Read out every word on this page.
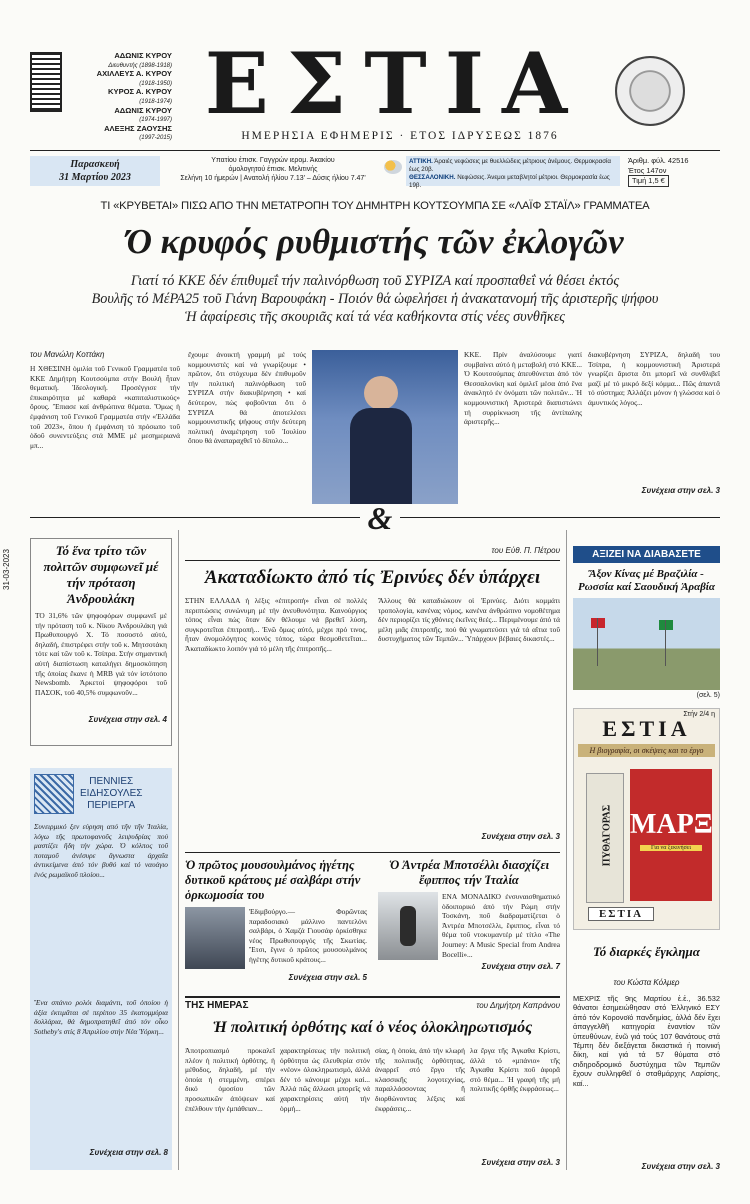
31-03-2023
ΑΔΩΝΙΣ ΚΥΡΟΥ
Διευθυντής (1898-1918)
ΑΧΙΛΛΕΥΣ Α. ΚΥΡΟΥ
(1918-1950)
ΚΥΡΟΣ Α. ΚΥΡΟΥ
(1918-1974)
ΑΔΩΝΙΣ ΚΥΡΟΥ
(1974-1997)
ΑΛΕΞΗΣ ΖΑΟΥΣΗΣ
(1997-2015)
ΕΣΤΙΑ
ΗΜΕΡΗΣΙΑ ΕΦΗΜΕΡΙΣ · ΕΤΟΣ ΙΔΡΥΣΕΩΣ 1876
Παρασκευή
31 Μαρτίου 2023
Υπατίου έπισκ. Γαγγρών ιερομ. Άκακίου
όμολογητού έπισκ. Μελιτινής
Σελήνη 10 ήμερών | Ανατολή ήλίου 7.13' – Δύσις ήλίου 7.47'
ΑΤΤΙΚΗ. Άραιές νεφώσεις με θυελλώδεις μέτριους άνέμους. Θερμοκρασία έως 20β.
ΘΕΣΣΑΛΟΝΙΚΗ. Νεφώσεις. Άνεμοι μεταβλητοί μέτριοι. Θερμοκρασία έως 19β.
Άριθμ. φύλ. 42516
Έτος 147ον
Τιμή 1,5 €
ΤΙ «ΚΡΥΒΕΤΑΙ» ΠΙΣΩ ΑΠΟ ΤΗΝ ΜΕΤΑΤΡΟΠΗ ΤΟΥ ΔΗΜΗΤΡΗ ΚΟΥΤΣΟΥΜΠΑ ΣΕ «ΛΑΪΦ ΣΤΑΪΛ» ΓΡΑΜΜΑΤΕΑ
Ό κρυφός ρυθμιστής τῶν ἐκλογῶν
Γιατί τό ΚΚΕ δέν έπιθυμεΐ τήν παλινόρθωση τοῦ ΣΥΡΙΖΑ καί προσπαθεΐ νά θέσει ἐκτός
Βουλῆς τό ΜέΡΑ25 τοῦ Γιάνη Βαρουφάκη - Ποιόν θά ὠφελήσει ἡ ἀνακατανομή τῆς ἀριστερῆς ψήφου
Ἡ ἀφαίρεσις τῆς σκουριᾶς καί τά νέα καθήκοντα στίς νέες συνθῆκες
του Μανώλη Κοττάκη
Η ΧΘΕΣΙΝΗ ὁμιλία τοῦ Γενικοῦ Γραμματέα τοῦ ΚΚΕ Δημήτρη Κουτσούμπα στήν Βουλή ἦταν θεματική. Ἰδεολογική. Προσέγγισε τήν ἐπικαιρότητα μέ καθαρά «καπιταλιστικούς» ὅρους. Ἔπιασε καί ἀνθρώπινα θέματα. Ὅμως ἡ ἐμφάνιση τοῦ Γενικοῦ Γραμματέα στήν «Ἑλλάδα τοῦ 2023», ὅπου ἡ ἐμφάνιση τό πρόσωπο τοῦ ὁδοῦ συνεντεύξεις στά ΜΜΕ μέ μεσημεριανά μπ...
ἔχουμε ἀνοικτή γραμμή μέ τούς κομμουνιστές καί νά γνωρίζουμε • πρῶτον, ὅτι στόχευμα δέν ἐπιθυμοῦν τήν πολιτική παλινόρθωση τοῦ ΣΥΡΙΖΑ στήν διακυβέρνηση • καί δεύτερον, πώς φοβοῦνται ὅτι ὁ ΣΥΡΙΖΑ θά ἀποτελέσει κομμουνιστικῆς ψήφους στήν δεύτερη πολιτική ἀναμέτρηση τοῦ Ἰουλίου ὅπου θά ἀναπαραχθεῖ τό δίπολο...
ΚΚΕ. Πρίν ἀναλύσουμε γιατί συμβαίνει αὐτό ἡ μεταβολή στό ΚΚΕ... Ὁ Κουτσούμπας ἀπευθύνεται ἀπό τόν Θεσσαλονίκη καί ὁμιλεῖ μέσα ἀπό ἕνα ἀνακλητό ἐν ὀνόματι τῶν πολιτῶν... Ἡ κομμουνιστική Ἀριστερά διαπιστώνει τή συρρίκνωση τῆς ἀντίπαλης ἀριστερῆς...
διακυβέρνηση ΣΥΡΙΖΑ, δηλαδή του Τσίπρα, ἡ κομμουνιστική Ἀριστερά γνωρίζει ἄριστα ὅτι μπορεῖ νά συνθλιβεῖ μαζί μέ τό μικρό δεξί κόμμα... Πῶς ἀπαντᾶ τό σύστημα; Ἀλλάζει μόνον ἡ γλώσσα καί ὁ ἀμυντικός λόγος...
Συνέχεια στην σελ. 3
&
Τό ἕνα τρίτο τῶν πολιτῶν συμφωνεῖ μέ τήν πρόταση Ἀνδρουλάκη
ΤΟ 31,6% τῶν ψηφοφόρων συμφωνεῖ μέ τήν πρόταση τοῦ κ. Νίκου Ἀνδρουλάκη γιά Πρωθυπουργό Χ. Τό ποσοστό αὐτό, δηλαδή, ἐπιστρέφει στήν τοῦ κ. Μητσοτάκη τότε καί τῶν τοῦ κ. Τσίπρα. Στήν σημαντική αὐτή διαπίστωση καταλήγει δημοσκόπηση τῆς ὁποίας ἔκανε ἡ MRB γιά τόν ἱστότοπο Newsbomb. Ἀρκετοί ψηφοφόροι τοῦ ΠΑΣΟΚ, τοῦ 40,5% συμφωνοῦν...
Συνέχεια στην σελ. 4
ΠΕΝΝΙΕΣ
ΕΙΔΗΣΟΥΛΕΣ
ΠΕΡΙΕΡΓΑ
Συνειρμικό ξεν εύρηση από τῆν τῆν Ἰταλία, λόγω τῆς πρωτοφανοῦς λειψυδρίας πού μαστίζει ἤδη τήν χώρα. Ὁ κόλπος τοῦ ποταμοῦ ἀνέσυρε ἄγνωστα ἀρχαῖα ἀντικείμενα ἀπό τόν βυθό καί τό ναυάγιο ἑνός ρωμαϊκοῦ πλοίου...
Ἕνα σπάνιο ρολόι διαμάντι, τοῦ ὁποίου ἡ ἀξία ἐκτιμᾶται σέ περίπου 35 ἑκατομμύρια δολλάρια, θά δημοπρατηθεῖ ἀπό τόν οἶκο Sotheby's στίς 8 Ἀπριλίου στήν Νέα Ὑόρκη...
Συνέχεια στην σελ. 8
του Εὐθ. Π. Πέτρου
Ἀκαταδίωκτο ἀπό τίς Ἐρινύες δέν ὑπάρχει
ΣΤΗΝ ΕΛΛΑΔΑ ἡ λέξις «ἐπιτροπή» εἶναι σέ πολλές περιπτώσεις συνώνυμη μέ τήν ἀνευθυνότητα. Καινούργιος τόπος εἶναι πώς ὅταν δέν θέλουμε νά βρεθεῖ λύση, συγκροτεῖται ἐπιτροπή... Ἐνῶ ὅμως αὐτό, μέχρι πρό τινος, ἦταν ἀνομολόγητος κοινός τόπος, τώρα θεσμοθετεῖται... Ἀκαταδίωκτο λοιπόν γιά τό μέλη τῆς ἐπιτροπῆς...
Ἄλλους θά καταδιώκουν οἱ Ἐρινύες. Διότι κομμάτι τροπολογία, κανένας νόμος, κανένα ἀνθρώπινο νομοθέτημα δέν περιορίζει τίς χθόνιες ἐκεῖνες θεές... Περιμένουμε ἀπό τά μέλη μιᾶς ἐπιτροπῆς, πού θά γνωματεύσει γιά τά αἴτια τοῦ δυστυχήματος τῶν Τεμπῶν... Ὑπάρχουν βέβαιες δικαστές...
Συνέχεια στην σελ. 3
Ὁ πρῶτος μουσουλμάνος ἡγέτης δυτικοῦ κράτους μέ σαλβάρι στήν ὁρκωμοσία του
Ἐδιμβούργο.— Φορῶντας παραδοσιακό μάλλινο παντελόνι σαλβάρι, ὁ Χαμζά Γιουσάφ ὁρκίσθηκε νέος Πρωθυπουργός τῆς Σκωτίας. Ἔτσι, ἔγινε ὁ πρῶτος μουσουλμάνος ἡγέτης δυτικοῦ κράτους...
Συνέχεια στην σελ. 5
Ὁ Ἀντρέα Μποτσέλλι διασχίζει ἔφιππος τήν Ἰταλία
ΕΝΑ ΜΟΝΑΔΙΚΟ ἐνσυναισθηματικό ὁδοιπορικό ἀπό τήν Ρώμη στήν Τοσκάνη, ποῦ διαδραματίζεται ὁ Ἀντρέα Μποτσέλλι, ἔφιππος, εἶναι τό θέμα τοῦ ντοκυμαντέρ μέ τίτλο «The Journey: A Music Special from Andrea Bocelli»...
Συνέχεια στην σελ. 7
ΤΗΣ ΗΜΕΡΑΣ	του Δημήτρη Καπράνου
Ἡ πολιτική ὀρθότης καί ὁ νέος ὁλοκληρωτισμός
Ἀποτροπιασμό προκαλεῖ πλέον ἡ πολιτική ὀρθότης, ἡ μέθοδος, δηλαδή, μέ τήν ὁποία ἡ στεμμένη, σπέρει δικό ὁμοσίου τῶν προσωπικῶν ἀπόψεων καί ἐπέλθουν τήν ἐμπάθειαν...
χαρακτηρίσεως τήν πολιτική ὀρθότητα ὡς ἐλευθερία στόν «νέον» ὁλοκληρωτισμό, ἀλλά δέν τό κάνουμε μέχρι καί... Ἀλλά πῶς ἄλλωσι μπορεῖς νά χαρακτηρίσεις αὐτή τήν ὁρμή...
σίας, ἡ ὁποία, ἀπό τήν κλωρή τῆς πολιτικῆς ὀρθότητας, ἀναρρεῖ στό ἕργο τῆς κλασσικῆς λογοτεχνίας, παραλλάσσοντας ἤ διορθώνοντας λέξεις καί ἐκφράσεις...
λα ἔργα τῆς Ἀγκαθα Κρίστι, ἀλλά τό «μπάνιο» τῆς Ἀγκαθα Κρίστι ποῦ ἀφορᾶ στό θέμα... Ἡ γραφή τῆς μή πολιτικῆς ὀρθῆς ἐκφράσεως...
Συνέχεια στην σελ. 3
ΑΞΙΖΕΙ ΝΑ ΔΙΑΒΑΣΕΤΕ
Ἄξον Κίνας μέ Βραζιλία - Ρωσσία καί Σαουδική Ἀραβία
(σελ. 5)
Στήν 2/4 η
ΕΣΤΙΑ
Η βιογραφία, οι σκέψεις και το έργο
ΠΥΘΑΓΟΡΑΣ ΜΑΡΞ
Για να ξεκινήσει
ΕΣΤΙΑ
Τό διαρκές ἔγκλημα
του Κώστα Κόλμερ
ΜΕΧΡΙΣ τῆς 9ης Μαρτίου ἐ.ἐ., 36.532 θάνατοι ἐσημειώθησαν στό Ἑλληνικό ΕΣΥ ἀπό τόν Κορονοϊό πανδημίας, ἀλλά δέν ἔχει ἀπαγγελθῆ κατηγορία ἐναντίον τῶν ὑπευθύνων, ἐνῶ γιά τούς 107 θανάτους στά Τέμπη δέν διεξάγεται δικαστικά ἡ ποινική δίκη, καί γιά τά 57 θύματα στό σιδηροδρομικό δυστύχημα τῶν Τεμπῶν ἔχουν συλληφθεῖ ὁ σταθμάρχης Λαρίσης, καί...
Συνέχεια στην σελ. 3
